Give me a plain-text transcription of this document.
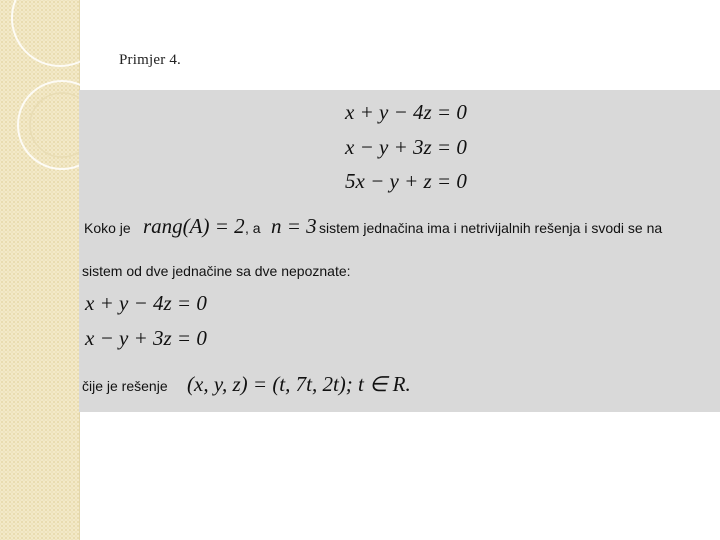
Primjer 4.
x + y − 4z = 0
x − y + 3z = 0
5x − y + z = 0
Koko je rang(A) = 2 , a n = 3 sistem jednačina ima i netrivijalnih rešenja i svodi se na
sistem od dve jednačine sa dve nepoznate:
x + y − 4z = 0
x − y + 3z = 0
čije je rešenje (x, y, z) = (t, 7t, 2t); t ∈ R.
